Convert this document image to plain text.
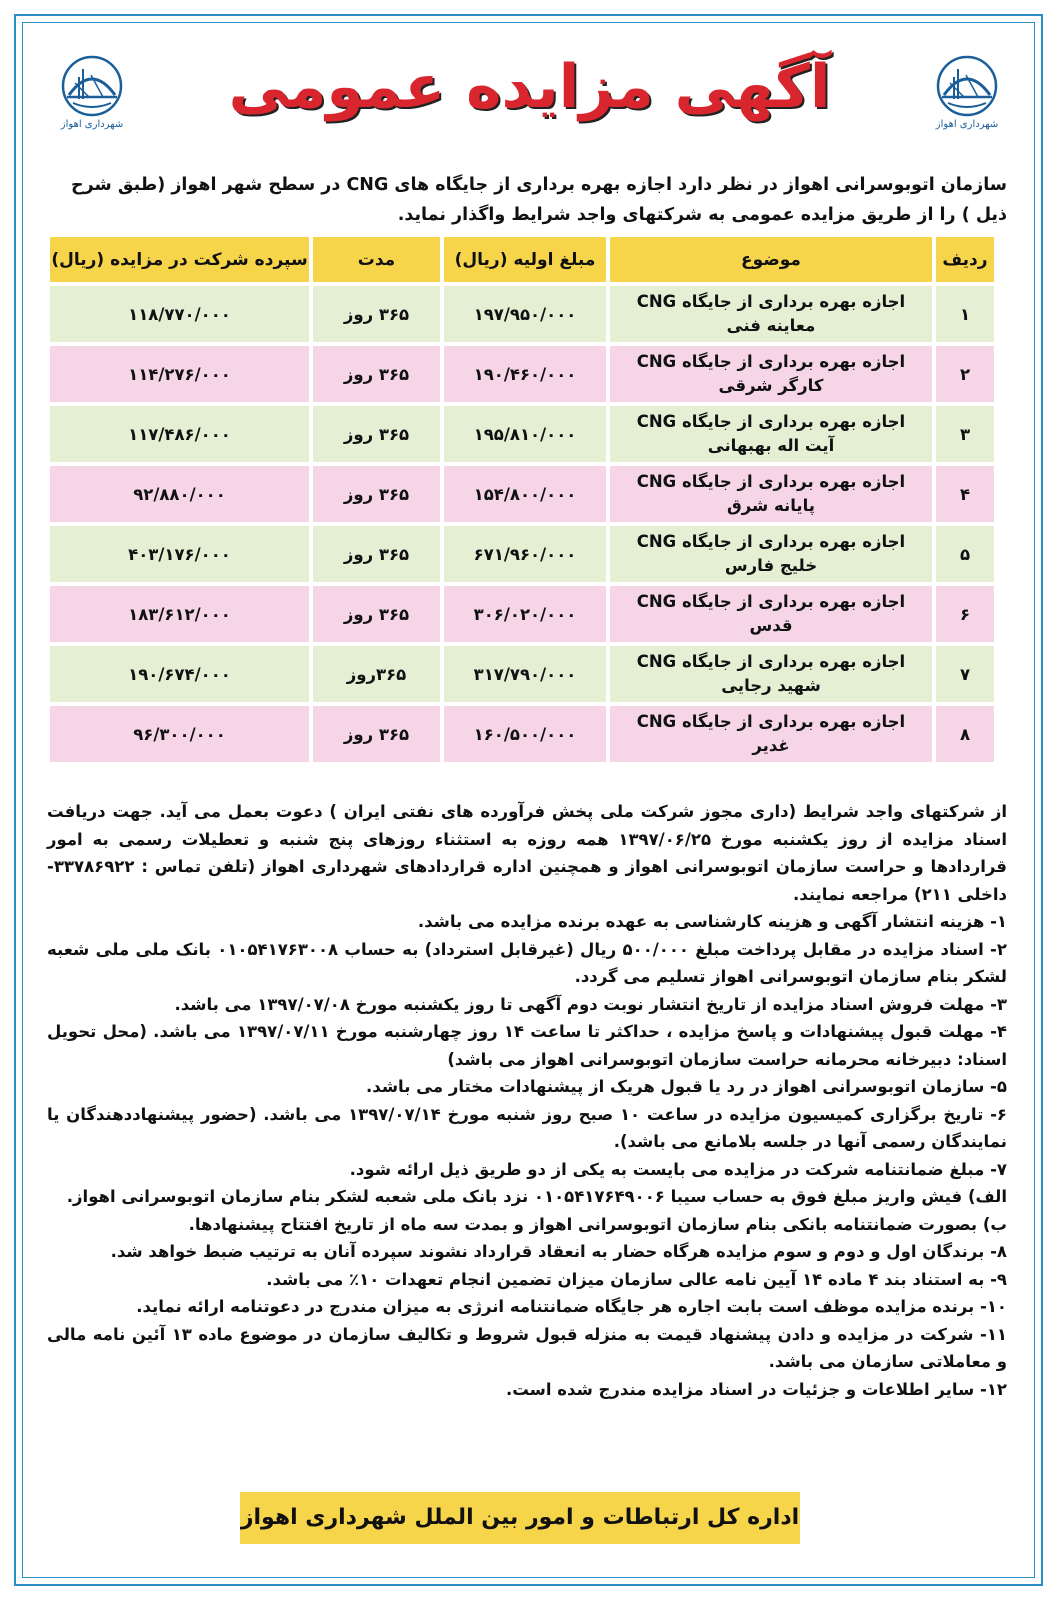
شهرداری اهواز
شهرداری اهواز
آگهی مزایده عمومی
سازمان اتوبوسرانی اهواز در نظر دارد اجازه بهره برداری از جایگاه های CNG در سطح شهر اهواز (طبق شرح ذیل ) را از طریق مزایده عمومی به شرکتهای واجد شرایط واگذار نماید.
ردیف	موضوع	مبلغ اولیه (ریال)	مدت	سپرده شرکت در مزایده (ریال)
۱	اجازه بهره برداری از جایگاه CNG
معاینه فنی	۱۹۷/۹۵۰/۰۰۰	۳۶۵ روز	۱۱۸/۷۷۰/۰۰۰
۲	اجازه بهره برداری از جایگاه CNG
کارگر شرقی	۱۹۰/۴۶۰/۰۰۰	۳۶۵ روز	۱۱۴/۲۷۶/۰۰۰
۳	اجازه بهره برداری از جایگاه CNG
آیت اله بهبهانی	۱۹۵/۸۱۰/۰۰۰	۳۶۵ روز	۱۱۷/۴۸۶/۰۰۰
۴	اجازه بهره برداری از جایگاه CNG
پایانه شرق	۱۵۴/۸۰۰/۰۰۰	۳۶۵ روز	۹۲/۸۸۰/۰۰۰
۵	اجازه بهره برداری از جایگاه CNG
خلیج فارس	۶۷۱/۹۶۰/۰۰۰	۳۶۵ روز	۴۰۳/۱۷۶/۰۰۰
۶	اجازه بهره برداری از جایگاه CNG
قدس	۳۰۶/۰۲۰/۰۰۰	۳۶۵ روز	۱۸۳/۶۱۲/۰۰۰
۷	اجازه بهره برداری از جایگاه CNG
شهید رجایی	۳۱۷/۷۹۰/۰۰۰	۳۶۵روز	۱۹۰/۶۷۴/۰۰۰
۸	اجازه بهره برداری از جایگاه CNG
غدیر	۱۶۰/۵۰۰/۰۰۰	۳۶۵ روز	۹۶/۳۰۰/۰۰۰

از شرکتهای واجد شرایط (داری مجوز شرکت ملی پخش فرآورده های نفتی ایران ) دعوت بعمل می آید. جهت دریافت اسناد مزایده از روز یکشنبه مورخ ۱۳۹۷/۰۶/۲۵ همه روزه به استثناء روزهای پنج شنبه و تعطیلات رسمی به امور قراردادها و حراست سازمان اتوبوسرانی اهواز و همچنین اداره قراردادهای شهرداری اهواز (تلفن تماس : ۳۳۷۸۶۹۲۲- داخلی ۲۱۱) مراجعه نمایند.

۱- هزینه انتشار آگهی و هزینه کارشناسی به عهده برنده مزایده می باشد.

۲- اسناد مزایده در مقابل پرداخت مبلغ ۵۰۰/۰۰۰ ریال (غیرقابل استرداد) به حساب ۰۱۰۵۴۱۷۶۳۰۰۸ بانک ملی ملی شعبه لشکر بنام سازمان اتوبوسرانی اهواز تسلیم می گردد.

۳- مهلت فروش اسناد مزایده از تاریخ انتشار نوبت دوم آگهی تا روز یکشنبه مورخ ۱۳۹۷/۰۷/۰۸ می باشد.

۴- مهلت قبول پیشنهادات و پاسخ مزایده ، حداکثر تا ساعت ۱۴ روز چهارشنبه مورخ ۱۳۹۷/۰۷/۱۱ می باشد. (محل تحویل اسناد: دبیرخانه محرمانه حراست سازمان اتوبوسرانی اهواز می باشد)

۵- سازمان اتوبوسرانی اهواز در رد یا قبول هریک از پیشنهادات مختار می باشد.

۶- تاریخ برگزاری کمیسیون مزایده در ساعت ۱۰ صبح روز شنبه مورخ ۱۳۹۷/۰۷/۱۴ می باشد. (حضور پیشنهاددهندگان یا نمایندگان رسمی آنها در جلسه بلامانع می باشد).

۷- مبلغ ضمانتنامه شرکت در مزایده می بایست به یکی از دو طریق ذیل ارائه شود.

الف) فیش واریز مبلغ فوق به حساب سیبا ۰۱۰۵۴۱۷۶۴۹۰۰۶ نزد بانک ملی شعبه لشکر بنام سازمان اتوبوسرانی اهواز.

ب) بصورت ضمانتنامه بانکی بنام سازمان اتوبوسرانی اهواز و بمدت سه ماه از تاریخ افتتاح پیشنهادها.

۸- برندگان اول و دوم و سوم مزایده هرگاه حضار به انعقاد قرارداد نشوند سپرده آنان به ترتیب ضبط خواهد شد.

۹- به استناد بند ۴ ماده ۱۴ آیین نامه عالی سازمان میزان تضمین انجام تعهدات ۱۰٪ می باشد.

۱۰- برنده مزایده موظف است بابت اجاره هر جایگاه ضمانتنامه انرژی به میزان مندرج در دعوتنامه ارائه نماید.

۱۱- شرکت در مزایده و دادن پیشنهاد قیمت به منزله قبول شروط و تکالیف سازمان در موضوع ماده ۱۳ آئین نامه مالی و معاملاتی سازمان می باشد.

۱۲- سایر اطلاعات و جزئیات در اسناد مزایده مندرج شده است.

اداره کل ارتباطات و امور بین الملل شهرداری اهواز
